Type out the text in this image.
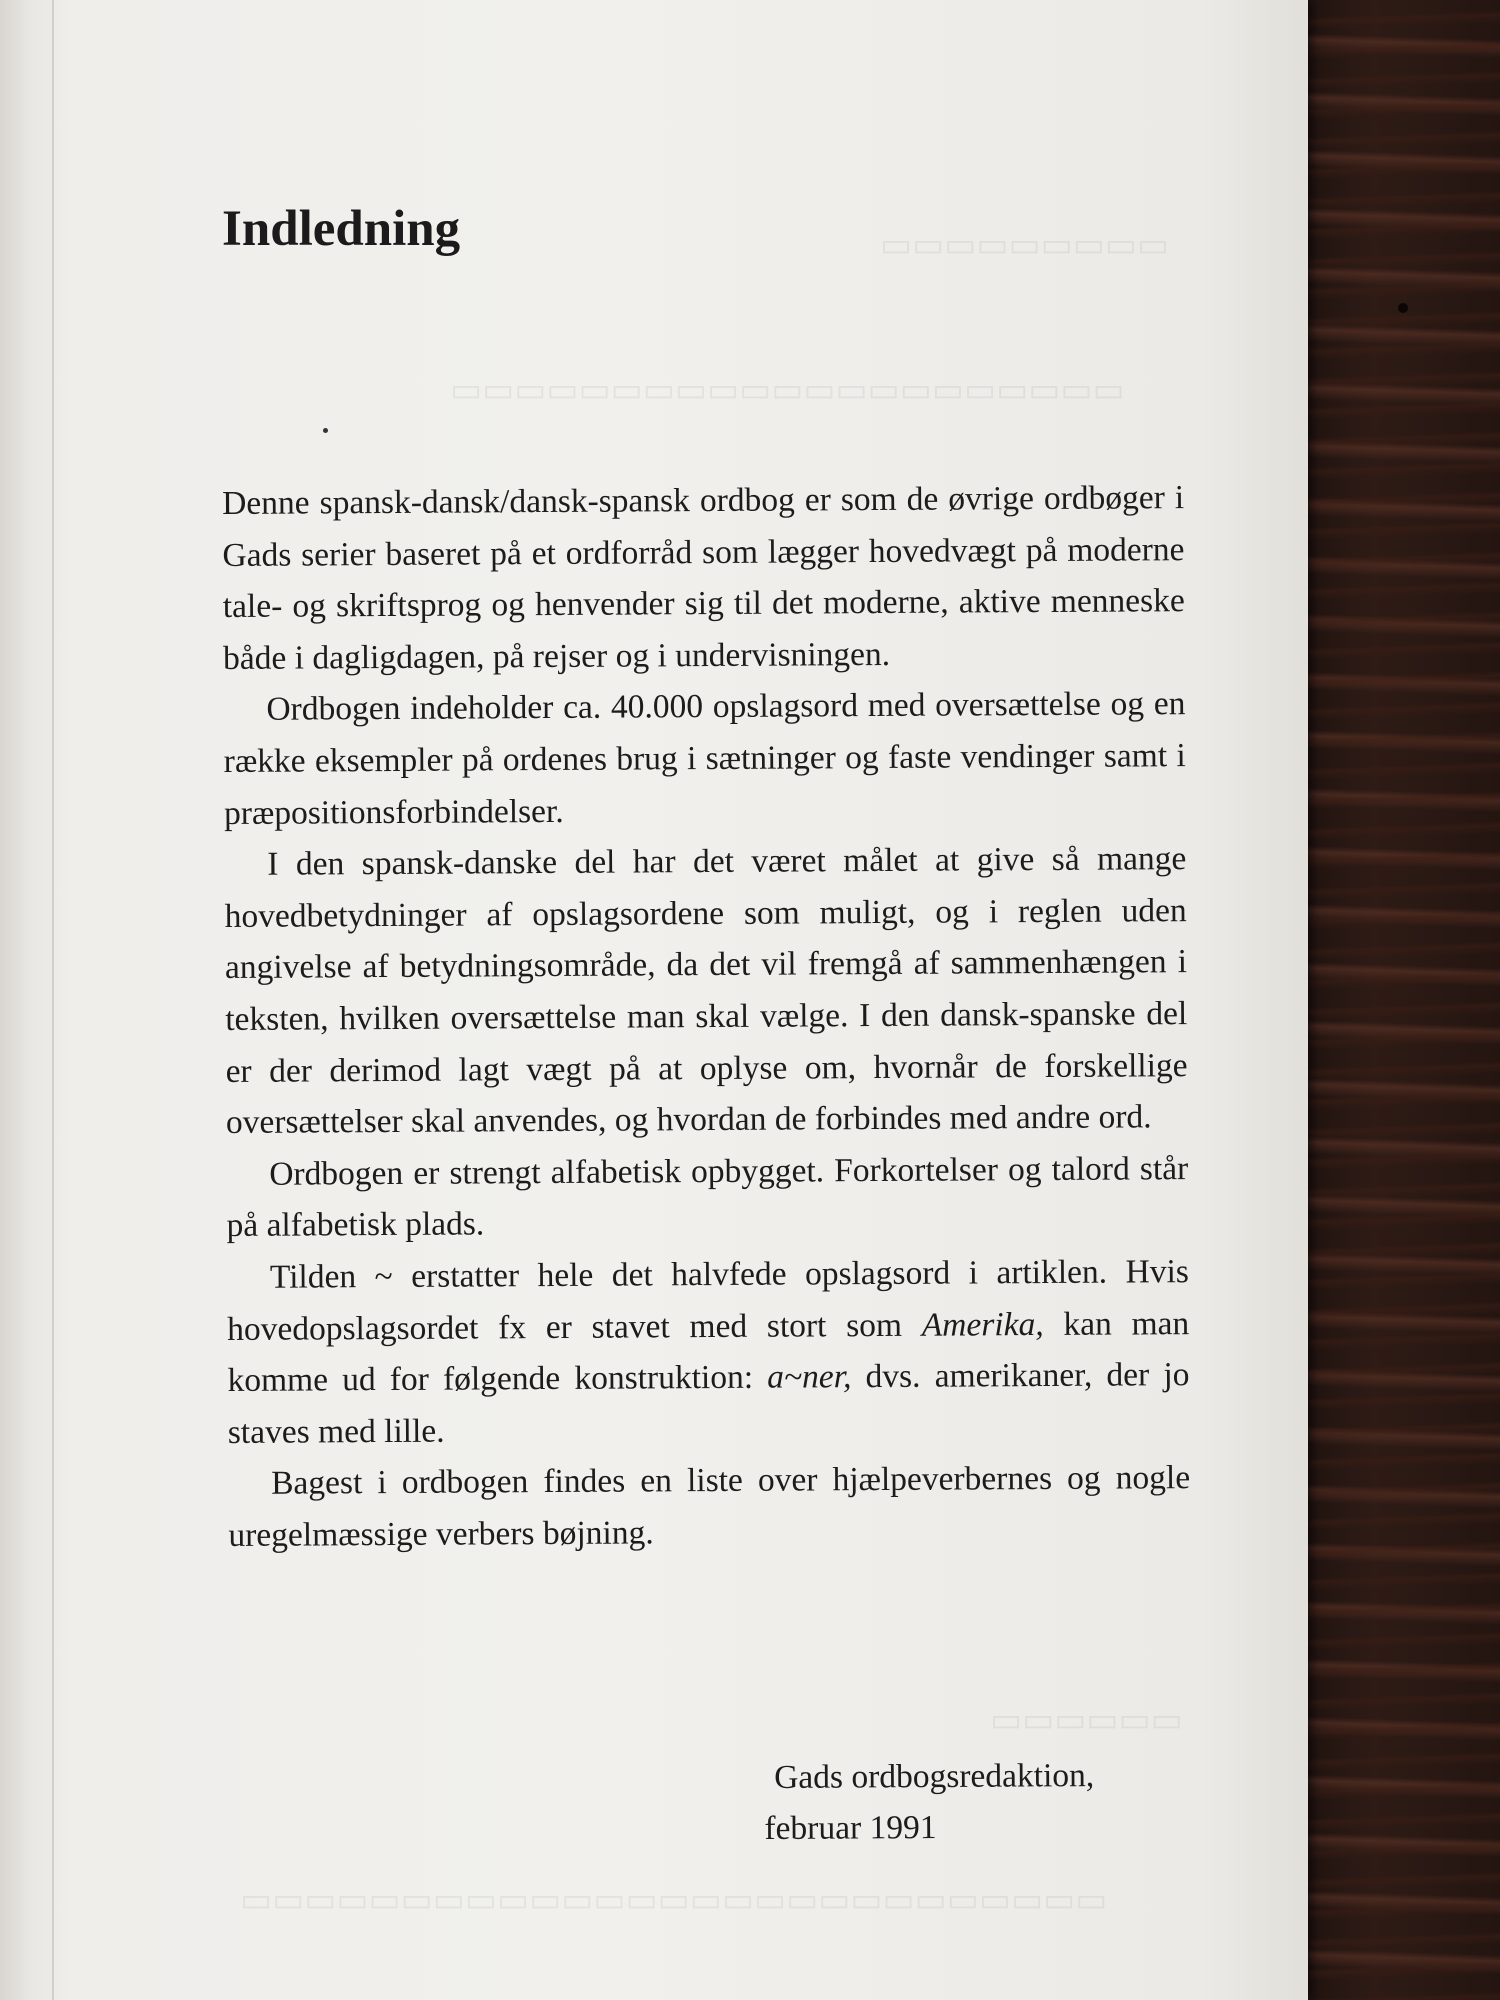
▭▭▭▭▭▭▭▭▭
▭▭▭▭▭▭▭▭▭▭▭▭▭▭▭▭▭▭▭▭▭
▭▭▭▭▭▭
▭▭▭▭▭▭▭▭▭▭▭▭▭▭▭▭▭▭▭▭▭▭▭▭▭▭▭
Indledning

Denne spansk-dansk/dansk-spansk ordbog er som de øvrige ordbøger i Gads serier baseret på et ordforråd som lægger hovedvægt på moderne tale- og skriftsprog og henvender sig til det moderne, aktive menneske både i dagligdagen, på rejser og i undervisningen.

Ordbogen indeholder ca. 40.000 opslagsord med oversættelse og en række eksempler på ordenes brug i sætninger og faste vendinger samt i præpositionsforbindelser.

I den spansk-danske del har det været målet at give så mange hovedbetydninger af opslagsordene som muligt, og i reglen uden angivelse af betydningsområde, da det vil fremgå af sammenhængen i teksten, hvilken oversættelse man skal vælge. I den dansk-spanske del er der derimod lagt vægt på at oplyse om, hvornår de forskellige oversættelser skal anvendes, og hvordan de forbindes med andre ord.

Ordbogen er strengt alfabetisk opbygget. Forkortelser og talord står på alfabetisk plads.

Tilden ~ erstatter hele det halvfede opslagsord i artiklen. Hvis hovedopslagsordet fx er stavet med stort som Amerika, kan man komme ud for følgende konstruktion: a~ner, dvs. amerikaner, der jo staves med lille.

Bagest i ordbogen findes en liste over hjælpeverbernes og nogle uregelmæssige verbers bøjning.

Gads ordbogsredaktion,
februar 1991
